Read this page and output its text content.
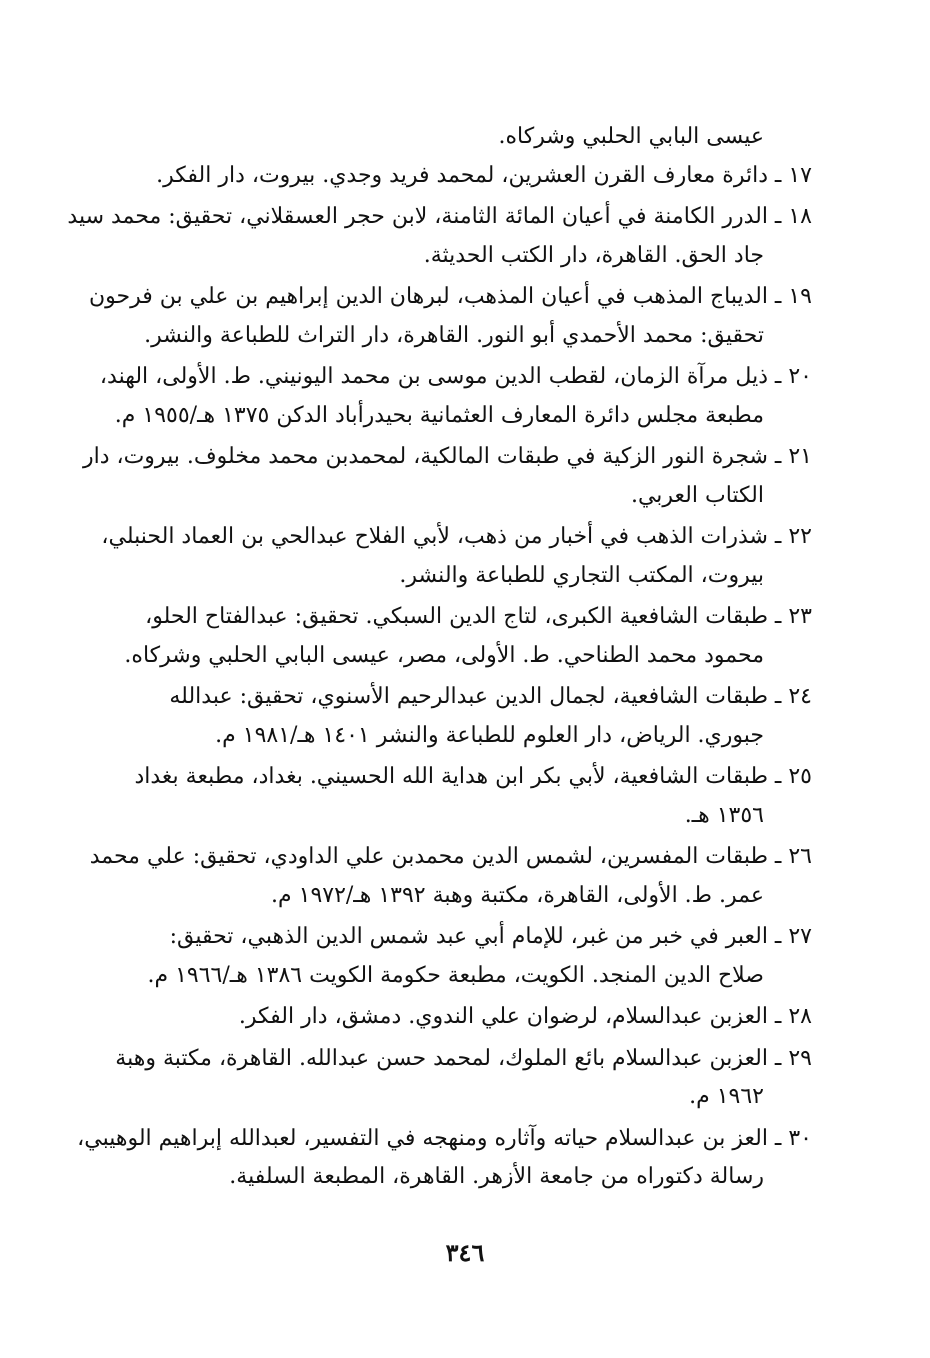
عيسى البابي الحلبي وشركاه.
١٧ ـدائرة معارف القرن العشرين، لمحمد فريد وجدي. بيروت، دار الفكر.
١٨ ـالدرر الكامنة في أعيان المائة الثامنة، لابن حجر العسقلاني، تحقيق: محمد سيد
جاد الحق. القاهرة، دار الكتب الحديثة.
١٩ ـالديباج المذهب في أعيان المذهب، لبرهان الدين إبراهيم بن علي بن فرحون
تحقيق: محمد الأحمدي أبو النور. القاهرة، دار التراث للطباعة والنشر.
٢٠ ـذيل مرآة الزمان، لقطب الدين موسى بن محمد اليونيني. ط. الأولى، الهند،
مطبعة مجلس دائرة المعارف العثمانية بحيدرأباد الدكن ١٣٧٥ هـ/١٩٥٥ م.
٢١ ـشجرة النور الزكية في طبقات المالكية، لمحمدبن محمد مخلوف. بيروت، دار
الكتاب العربي.
٢٢ ـشذرات الذهب في أخبار من ذهب، لأبي الفلاح عبدالحي بن العماد الحنبلي،
بيروت، المكتب التجاري للطباعة والنشر.
٢٣ ـطبقات الشافعية الكبرى، لتاج الدين السبكي. تحقيق: عبدالفتاح الحلو،
محمود محمد الطناحي. ط. الأولى، مصر، عيسى البابي الحلبي وشركاه.
٢٤ ـطبقات الشافعية، لجمال الدين عبدالرحيم الأسنوي، تحقيق: عبدالله
جبوري. الرياض، دار العلوم للطباعة والنشر ١٤٠١ هـ/١٩٨١ م.
٢٥ ـطبقات الشافعية، لأبي بكر ابن هداية الله الحسيني. بغداد، مطبعة بغداد
١٣٥٦ هـ.
٢٦ ـطبقات المفسرين، لشمس الدين محمدبن علي الداودي، تحقيق: علي محمد
عمر. ط. الأولى، القاهرة، مكتبة وهبة ١٣٩٢ هـ/١٩٧٢ م.
٢٧ ـالعبر في خبر من غبر، للإمام أبي عبد شمس الدين الذهبي، تحقيق:
صلاح الدين المنجد. الكويت، مطبعة حكومة الكويت ١٣٨٦ هـ/١٩٦٦ م.
٢٨ ـالعزبن عبدالسلام، لرضوان علي الندوي. دمشق، دار الفكر.
٢٩ ـالعزبن عبدالسلام بائع الملوك، لمحمد حسن عبدالله. القاهرة، مكتبة وهبة
١٩٦٢ م.
٣٠ ـالعز بن عبدالسلام حياته وآثاره ومنهجه في التفسير، لعبدالله إبراهيم الوهيبي،
رسالة دكتوراه من جامعة الأزهر. القاهرة، المطبعة السلفية.
٣٤٦
